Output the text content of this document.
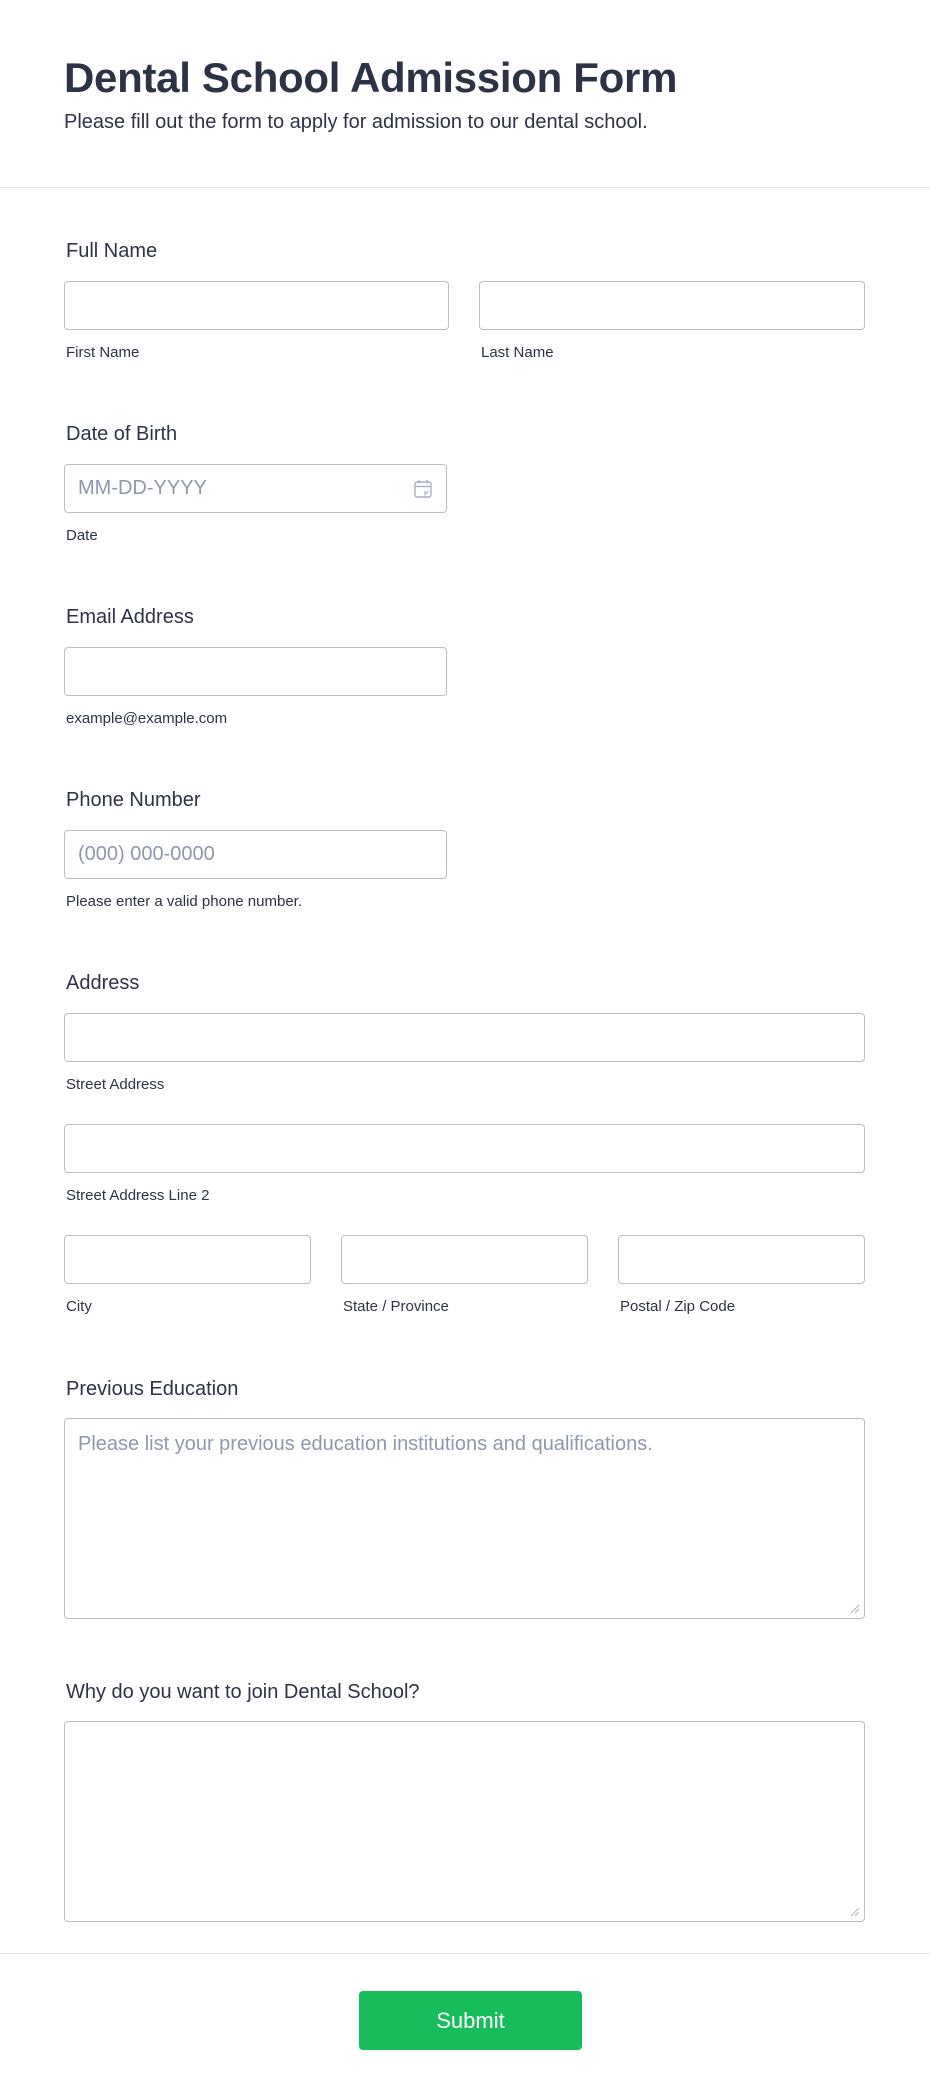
Dental School Admission Form

Please fill out the form to apply for admission to our dental school.

Full Name
First Name	Last Name
Date of Birth
MM-DD-YYYY
Date
Email Address
example@example.com
Phone Number
(000) 000-0000
Please enter a valid phone number.
Address
Street Address
Street Address Line 2
City	State / Province	Postal / Zip Code
Previous Education
Please list your previous education institutions and qualifications.
Why do you want to join Dental School?
Submit
